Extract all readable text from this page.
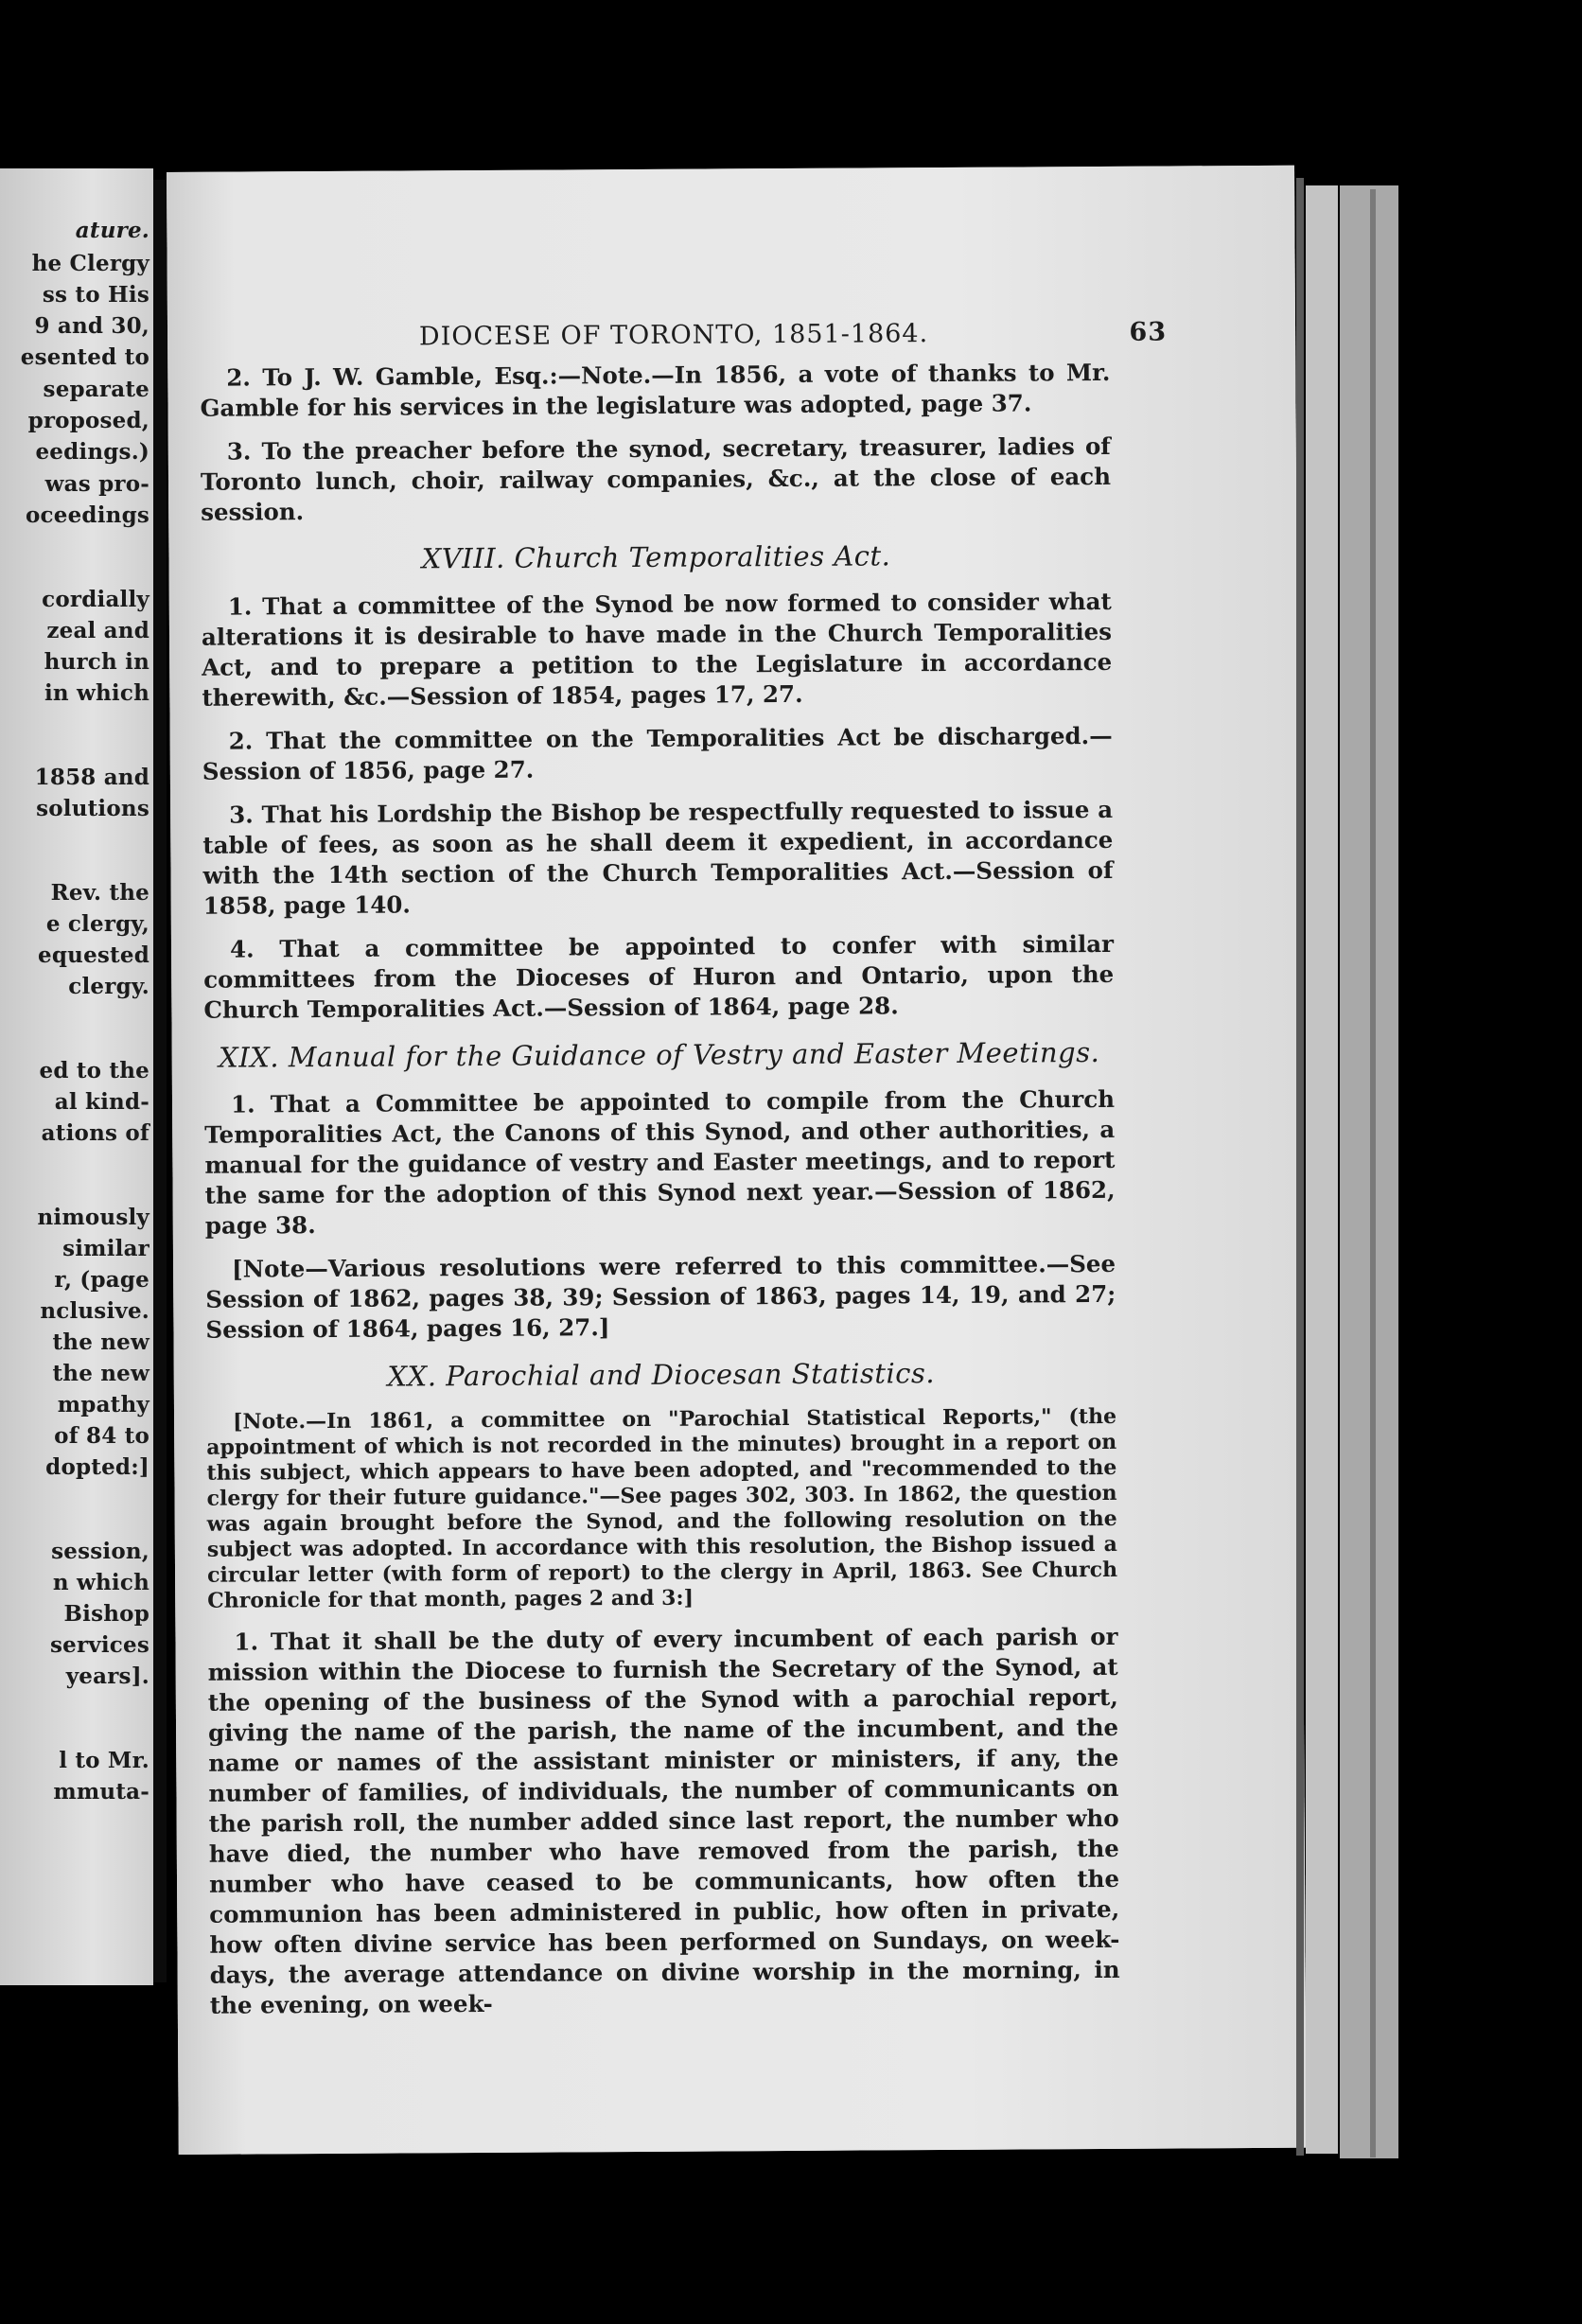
ature.
he Clergy
ss to His
9 and 30,
esented to
separate
proposed,
eedings.)
was pro-
oceedings
cordially
zeal and
hurch in
in which
1858 and
solutions
Rev. the
e clergy,
equested
clergy.
ed to the
al kind-
ations of
nimously
similar
r, (page
nclusive.
the new
the new
mpathy
of 84 to
dopted:]
session,
n which
Bishop
services
years].
l to Mr.
mmuta-
DIOCESE OF TORONTO, 1851-1864.	63

2. To J. W. Gamble, Esq.:—Note.—In 1856, a vote of thanks to Mr. Gamble for his services in the legislature was adopted, page 37.

3. To the preacher before the synod, secretary, treasurer, ladies of Toronto lunch, choir, railway companies, &c., at the close of each session.

XVIII. Church Temporalities Act.

1. That a committee of the Synod be now formed to consider what alterations it is desirable to have made in the Church Temporalities Act, and to prepare a petition to the Legislature in accordance therewith, &c.—Session of 1854, pages 17, 27.

2. That the committee on the Temporalities Act be discharged.—Session of 1856, page 27.

3. That his Lordship the Bishop be respectfully requested to issue a table of fees, as soon as he shall deem it expedient, in accordance with the 14th section of the Church Temporalities Act.—Session of 1858, page 140.

4. That a committee be appointed to confer with similar committees from the Dioceses of Huron and Ontario, upon the Church Temporalities Act.—Session of 1864, page 28.

XIX. Manual for the Guidance of Vestry and Easter Meetings.

1. That a Committee be appointed to compile from the Church Temporalities Act, the Canons of this Synod, and other authorities, a manual for the guidance of vestry and Easter meetings, and to report the same for the adoption of this Synod next year.—Session of 1862, page 38.

[Note—Various resolutions were referred to this committee.—See Session of 1862, pages 38, 39; Session of 1863, pages 14, 19, and 27; Session of 1864, pages 16, 27.]

XX. Parochial and Diocesan Statistics.

[Note.—In 1861, a committee on "Parochial Statistical Reports," (the appointment of which is not recorded in the minutes) brought in a report on this subject, which appears to have been adopted, and "recommended to the clergy for their future guidance."—See pages 302, 303. In 1862, the question was again brought before the Synod, and the following resolution on the subject was adopted. In accordance with this resolution, the Bishop issued a circular letter (with form of report) to the clergy in April, 1863. See Church Chronicle for that month, pages 2 and 3:]

1. That it shall be the duty of every incumbent of each parish or mission within the Diocese to furnish the Secretary of the Synod, at the opening of the business of the Synod with a parochial report, giving the name of the parish, the name of the incumbent, and the name or names of the assistant minister or ministers, if any, the number of families, of individuals, the number of communicants on the parish roll, the number added since last report, the number who have died, the number who have removed from the parish, the number who have ceased to be communicants, how often the communion has been administered in public, how often in private, how often divine service has been performed on Sundays, on week-days, the average attendance on divine worship in the morning, in the evening, on week-
